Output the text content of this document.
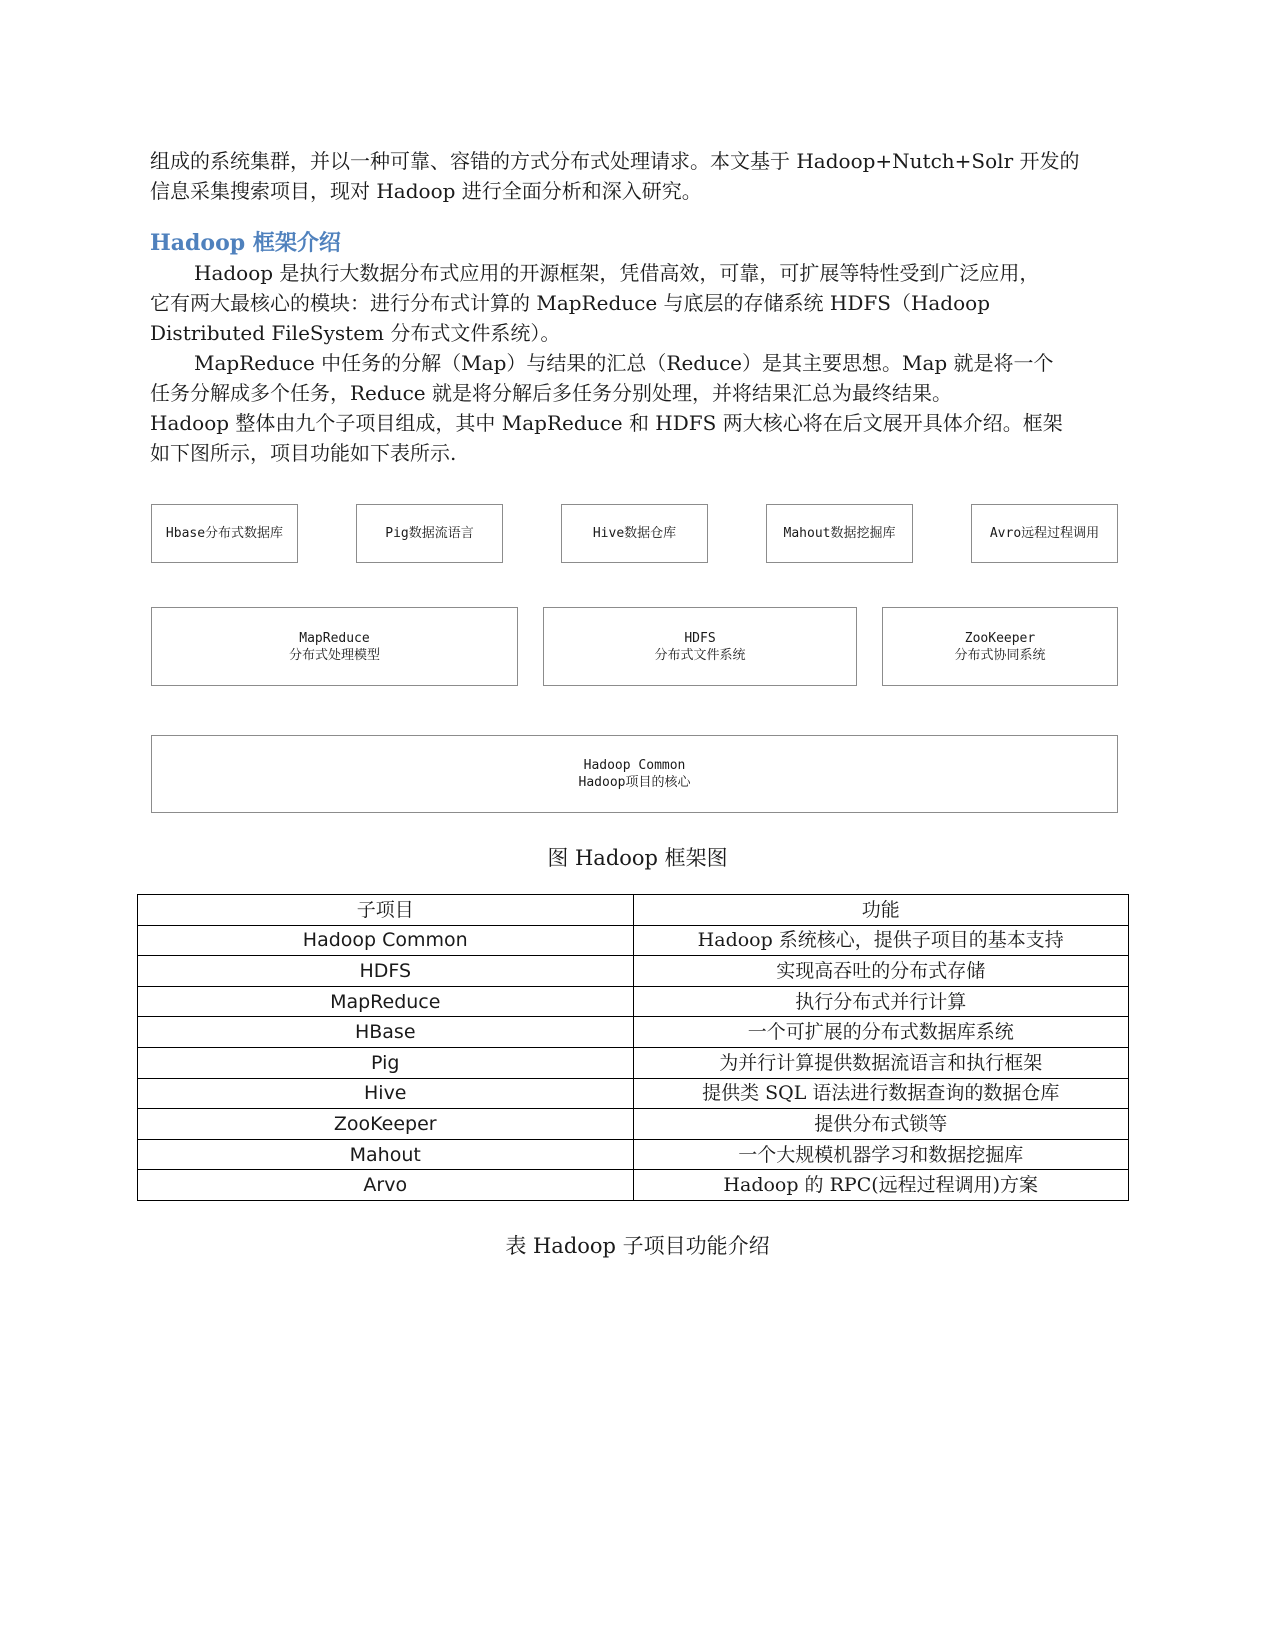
组成的系统集群，并以一种可靠、容错的方式分布式处理请求。本文基于 Hadoop+Nutch+Solr 开发的
信息采集搜索项目，现对 Hadoop 进行全面分析和深入研究。

Hadoop 框架介绍

Hadoop 是执行大数据分布式应用的开源框架，凭借高效，可靠，可扩展等特性受到广泛应用，
它有两大最核心的模块：进行分布式计算的 MapReduce 与底层的存储系统 HDFS（Hadoop
Distributed FileSystem 分布式文件系统）。

MapReduce 中任务的分解（Map）与结果的汇总（Reduce）是其主要思想。Map 就是将一个
任务分解成多个任务，Reduce 就是将分解后多任务分别处理，并将结果汇总为最终结果。

Hadoop 整体由九个子项目组成，其中 MapReduce 和 HDFS 两大核心将在后文展开具体介绍。框架
如下图所示，项目功能如下表所示.

Hbase分布式数据库	Pig数据流语言	Hive数据仓库	Mahout数据挖掘库	Avro远程过程调用
MapReduce
分布式处理模型
HDFS
分布式文件系统
ZooKeeper
分布式协同系统
Hadoop Common
Hadoop项目的核心

图 Hadoop 框架图

子项目	功能
Hadoop Common	Hadoop 系统核心，提供子项目的基本支持
HDFS	实现高吞吐的分布式存储
MapReduce	执行分布式并行计算
HBase	一个可扩展的分布式数据库系统
Pig	为并行计算提供数据流语言和执行框架
Hive	提供类 SQL 语法进行数据查询的数据仓库
ZooKeeper	提供分布式锁等
Mahout	一个大规模机器学习和数据挖掘库
Arvo	Hadoop 的 RPC(远程过程调用)方案

表 Hadoop 子项目功能介绍
